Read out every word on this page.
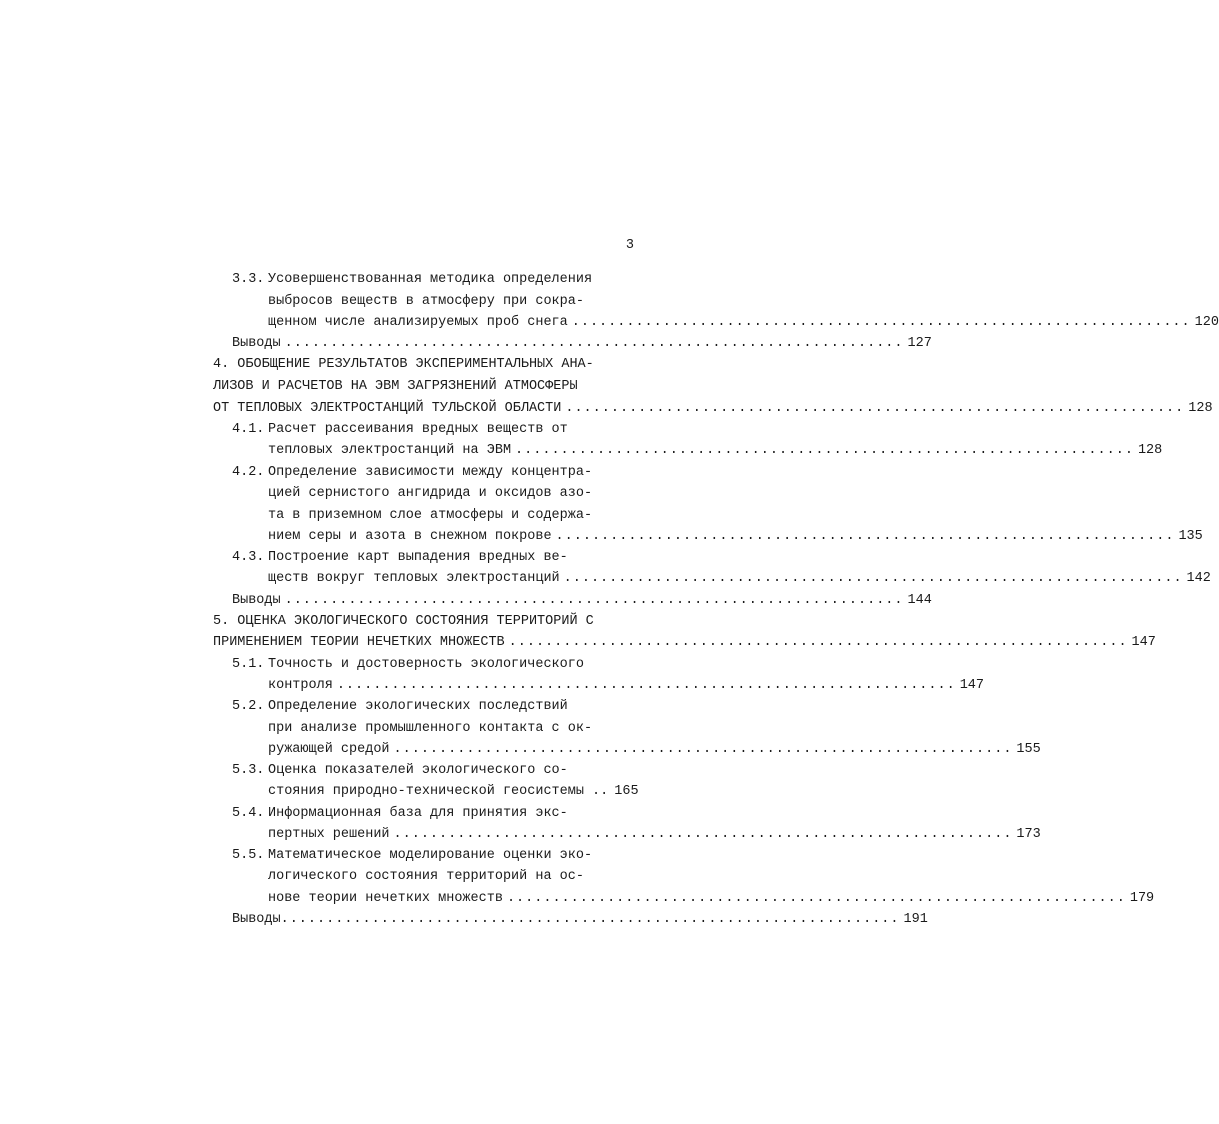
3
3.3. Усовершенствованная методика определения
выбросов веществ в атмосферу при сокра-
щенном числе анализируемых проб снега .................................................................... 120
Выводы .................................................................... 127
4. ОБОБЩЕНИЕ РЕЗУЛЬТАТОВ ЭКСПЕРИМЕНТАЛЬНЫХ АНА-
ЛИЗОВ И РАСЧЕТОВ НА ЭВМ ЗАГРЯЗНЕНИЙ АТМОСФЕРЫ
ОТ ТЕПЛОВЫХ ЭЛЕКТРОСТАНЦИЙ ТУЛЬСКОЙ ОБЛАСТИ .................................................................... 128
4.1. Расчет рассеивания вредных веществ от
тепловых электростанций на ЭВМ .................................................................... 128
4.2. Определение зависимости между концентра-
цией сернистого ангидрида и оксидов азо-
та в приземном слое атмосферы и содержа-
нием серы и азота в снежном покрове .................................................................... 135
4.3. Построение карт выпадения вредных ве-
ществ вокруг тепловых электростанций .................................................................... 142
Выводы .................................................................... 144
5. ОЦЕНКА ЭКОЛОГИЧЕСКОГО СОСТОЯНИЯ ТЕРРИТОРИЙ С
ПРИМЕНЕНИЕМ ТЕОРИИ НЕЧЕТКИХ МНОЖЕСТВ .................................................................... 147
5.1. Точность и достоверность экологического
контроля .................................................................... 147
5.2. Определение экологических последствий
при анализе промышленного контакта с ок-
ружающей средой .................................................................... 155
5.3. Оценка показателей экологического со-
стояния природно-технической геосистемы .. 165
5.4. Информационная база для принятия экс-
пертных решений .................................................................... 173
5.5. Математическое моделирование оценки эко-
логического состояния территорий на ос-
нове теории нечетких множеств .................................................................... 179
Выводы .................................................................... 191
